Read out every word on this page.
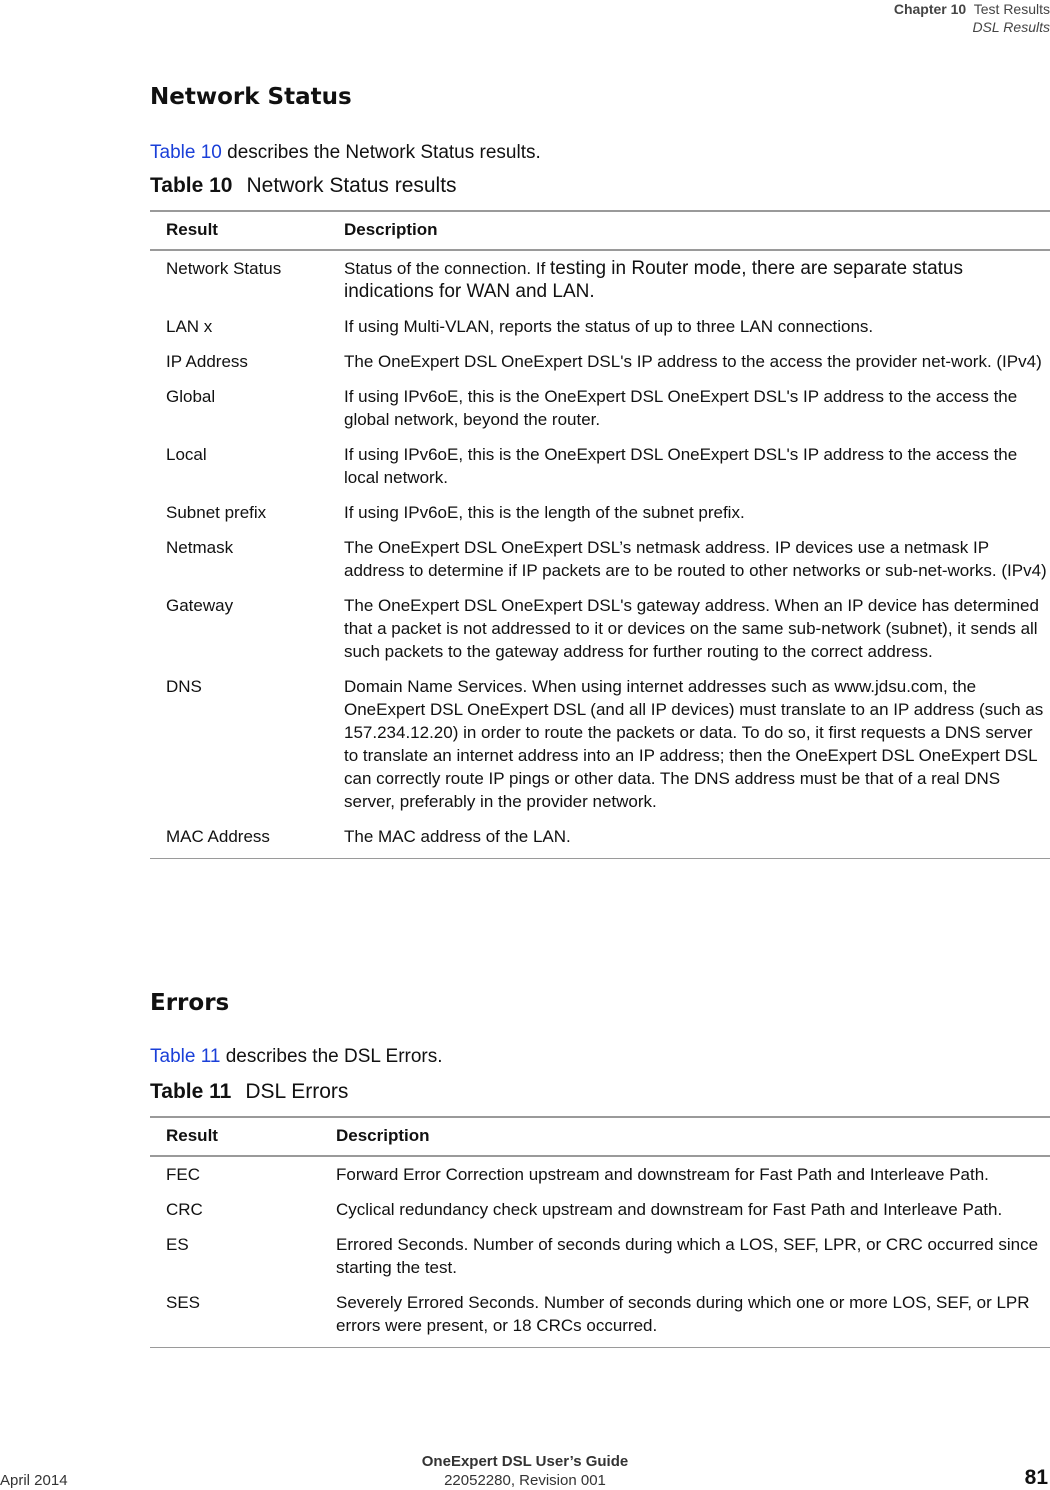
Chapter 10 Test Results
DSL Results
Network Status
Table 10 describes the Network Status results.
Table 10 Network Status results
Result	Description
Network Status	Status of the connection. If testing in Router mode, there are separate status indications for WAN and LAN.
LAN x	If using Multi-VLAN, reports the status of up to three LAN connections.
IP Address	The OneExpert DSL OneExpert DSL's IP address to the access the provider net-work. (IPv4)
Global	If using IPv6oE, this is the OneExpert DSL OneExpert DSL's IP address to the access the global network, beyond the router.
Local	If using IPv6oE, this is the OneExpert DSL OneExpert DSL's IP address to the access the local network.
Subnet prefix	If using IPv6oE, this is the length of the subnet prefix.
Netmask	The OneExpert DSL OneExpert DSL’s netmask address. IP devices use a netmask IP address to determine if IP packets are to be routed to other networks or sub-net-works. (IPv4)
Gateway	The OneExpert DSL OneExpert DSL's gateway address. When an IP device has determined that a packet is not addressed to it or devices on the same sub-network (subnet), it sends all such packets to the gateway address for further routing to the correct address.
DNS	Domain Name Services. When using internet addresses such as www.jdsu.com, the OneExpert DSL OneExpert DSL (and all IP devices) must translate to an IP address (such as 157.234.12.20) in order to route the packets or data. To do so, it first requests a DNS server to translate an internet address into an IP address; then the OneExpert DSL OneExpert DSL can correctly route IP pings or other data. The DNS address must be that of a real DNS server, preferably in the provider network.
MAC Address	The MAC address of the LAN.
Errors
Table 11 describes the DSL Errors.
Table 11 DSL Errors
Result	Description
FEC	Forward Error Correction upstream and downstream for Fast Path and Interleave Path.
CRC	Cyclical redundancy check upstream and downstream for Fast Path and Interleave Path.
ES	Errored Seconds. Number of seconds during which a LOS, SEF, LPR, or CRC occurred since starting the test.
SES	Severely Errored Seconds. Number of seconds during which one or more LOS, SEF, or LPR errors were present, or 18 CRCs occurred.
OneExpert DSL User’s Guide
April 2014	22052280, Revision 001	81
